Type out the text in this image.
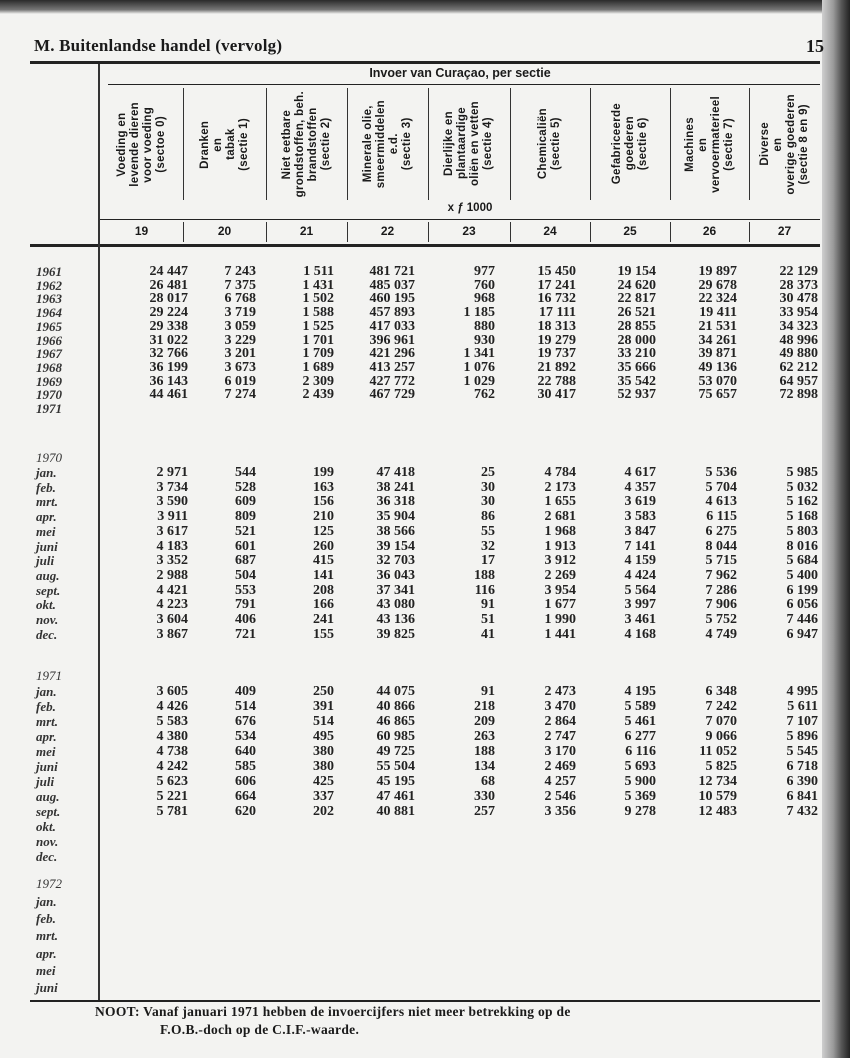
M. Buitenlandse handel (vervolg)	15
Invoer van Curaçao, per sectie
x ƒ 1000
Voeding en
levende dieren
voor voeding
(sectoe 0)
19
Dranken
en
tabak
(sectie 1)
20
Niet eetbare
grondstoffen, beh.
brandstoffen
(sectie 2)
21
Minerale olie,
smeermiddelen
e.d.
(sectie 3)
22
Dierlijke en
plantaardige
oliën en vetten
(sectie 4)
23
Chemicaliën
(sectie 5)
24
Gefabriceerde
goederen
(sectie 6)
25
Machines
en
vervoermaterieel
(sectie 7)
26
Diverse
en
overige goederen
(sectie 8 en 9)
27
1961	24 447	7 243	1 511	481 721	977	15 450	19 154	19 897	22 129
1962	26 481	7 375	1 431	485 037	760	17 241	24 620	29 678	28 373
1963	28 017	6 768	1 502	460 195	968	16 732	22 817	22 324	30 478
1964	29 224	3 719	1 588	457 893	1 185	17 111	26 521	19 411	33 954
1965	29 338	3 059	1 525	417 033	880	18 313	28 855	21 531	34 323
1966	31 022	3 229	1 701	396 961	930	19 279	28 000	34 261	48 996
1967	32 766	3 201	1 709	421 296	1 341	19 737	33 210	39 871	49 880
1968	36 199	3 673	1 689	413 257	1 076	21 892	35 666	49 136	62 212
1969	36 143	6 019	2 309	427 772	1 029	22 788	35 542	53 070	64 957
1970	44 461	7 274	2 439	467 729	762	30 417	52 937	75 657	72 898
1971
1970
jan.	2 971	544	199	47 418	25	4 784	4 617	5 536	5 985
feb.	3 734	528	163	38 241	30	2 173	4 357	5 704	5 032
mrt.	3 590	609	156	36 318	30	1 655	3 619	4 613	5 162
apr.	3 911	809	210	35 904	86	2 681	3 583	6 115	5 168
mei	3 617	521	125	38 566	55	1 968	3 847	6 275	5 803
juni	4 183	601	260	39 154	32	1 913	7 141	8 044	8 016
juli	3 352	687	415	32 703	17	3 912	4 159	5 715	5 684
aug.	2 988	504	141	36 043	188	2 269	4 424	7 962	5 400
sept.	4 421	553	208	37 341	116	3 954	5 564	7 286	6 199
okt.	4 223	791	166	43 080	91	1 677	3 997	7 906	6 056
nov.	3 604	406	241	43 136	51	1 990	3 461	5 752	7 446
dec.	3 867	721	155	39 825	41	1 441	4 168	4 749	6 947
1971
jan.	3 605	409	250	44 075	91	2 473	4 195	6 348	4 995
feb.	4 426	514	391	40 866	218	3 470	5 589	7 242	5 611
mrt.	5 583	676	514	46 865	209	2 864	5 461	7 070	7 107
apr.	4 380	534	495	60 985	263	2 747	6 277	9 066	5 896
mei	4 738	640	380	49 725	188	3 170	6 116	11 052	5 545
juni	4 242	585	380	55 504	134	2 469	5 693	5 825	6 718
juli	5 623	606	425	45 195	68	4 257	5 900	12 734	6 390
aug.	5 221	664	337	47 461	330	2 546	5 369	10 579	6 841
sept.	5 781	620	202	40 881	257	3 356	9 278	12 483	7 432
okt.
nov.
dec.
1972
jan.
feb.
mrt.
apr.
mei
juni
NOOT: Vanaf januari 1971 hebben de invoercijfers niet meer betrekking op de
F.O.B.-doch op de C.I.F.-waarde.
